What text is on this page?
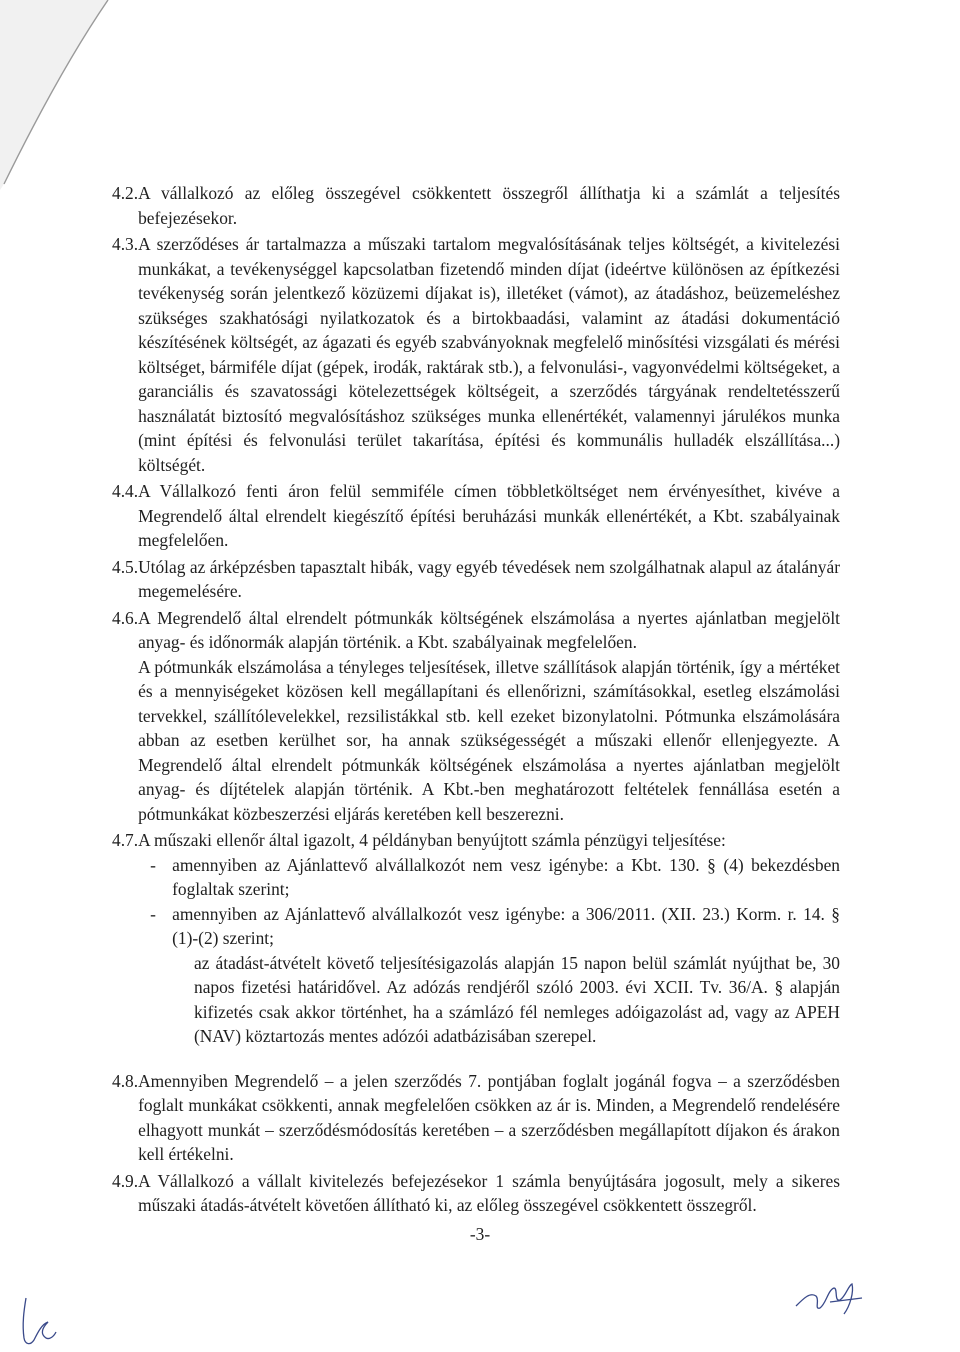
4.2. A vállalkozó az előleg összegével csökkentett összegről állíthatja ki a számlát a teljesítés befejezésekor.

4.3. A szerződéses ár tartalmazza a műszaki tartalom megvalósításának teljes költségét, a kivitelezési munkákat, a tevékenységgel kapcsolatban fizetendő minden díjat (ideértve különösen az építkezési tevékenység során jelentkező közüzemi díjakat is), illetéket (vámot), az átadáshoz, beüzemeléshez szükséges szakhatósági nyilatkozatok és a birtokbaadási, valamint az átadási dokumentáció készítésének költségét, az ágazati és egyéb szabványoknak megfelelő minősítési vizsgálati és mérési költséget, bármiféle díjat (gépek, irodák, raktárak stb.), a felvonulási-, vagyonvédelmi költségeket, a garanciális és szavatossági kötelezettségek költségeit, a szerződés tárgyának rendeltetésszerű használatát biztosító megvalósításhoz szükséges munka ellenértékét, valamennyi járulékos munka (mint építési és felvonulási terület takarítása, építési és kommunális hulladék elszállítása...) költségét.

4.4. A Vállalkozó fenti áron felül semmiféle címen többletköltséget nem érvényesíthet, kivéve a Megrendelő által elrendelt kiegészítő építési beruházási munkák ellenértékét, a Kbt. szabályainak megfelelően.

4.5. Utólag az árképzésben tapasztalt hibák, vagy egyéb tévedések nem szolgálhatnak alapul az átalányár megemelésére.

4.6. A Megrendelő által elrendelt pótmunkák költségének elszámolása a nyertes ajánlatban megjelölt anyag- és időnormák alapján történik. a Kbt. szabályainak megfelelően.

A pótmunkák elszámolása a tényleges teljesítések, illetve szállítások alapján történik, így a mértéket és a mennyiségeket közösen kell megállapítani és ellenőrizni, számításokkal, esetleg elszámolási tervekkel, szállítólevelekkel, rezsilistákkal stb. kell ezeket bizonylatolni. Pótmunka elszámolására abban az esetben kerülhet sor, ha annak szükségességét a műszaki ellenőr ellenjegyezte. A Megrendelő által elrendelt pótmunkák költségének elszámolása a nyertes ajánlatban megjelölt anyag- és díjtételek alapján történik. A Kbt.-ben meghatározott feltételek fennállása esetén a pótmunkákat közbeszerzési eljárás keretében kell beszerezni.

4.7. A műszaki ellenőr által igazolt, 4 példányban benyújtott számla pénzügyi teljesítése:

- amennyiben az Ajánlattevő alvállalkozót nem vesz igénybe: a Kbt. 130. § (4) bekezdésben foglaltak szerint;
- amennyiben az Ajánlattevő alvállalkozót vesz igénybe: a 306/2011. (XII. 23.) Korm. r. 14. § (1)-(2) szerint;

az átadást-átvételt követő teljesítésigazolás alapján 15 napon belül számlát nyújthat be, 30 napos fizetési határidővel. Az adózás rendjéről szóló 2003. évi XCII. Tv. 36/A. § alapján kifizetés csak akkor történhet, ha a számlázó fél nemleges adóigazolást ad, vagy az APEH (NAV) köztartozás mentes adózói adatbázisában szerepel.

4.8. Amennyiben Megrendelő – a jelen szerződés 7. pontjában foglalt jogánál fogva – a szerződésben foglalt munkákat csökkenti, annak megfelelően csökken az ár is. Minden, a Megrendelő rendelésére elhagyott munkát – szerződésmódosítás keretében – a szerződésben megállapított díjakon és árakon kell értékelni.

4.9. A Vállalkozó a vállalt kivitelezés befejezésekor 1 számla benyújtására jogosult, mely a sikeres műszaki átadás-átvételt követően állítható ki, az előleg összegével csökkentett összegről.

-3-
